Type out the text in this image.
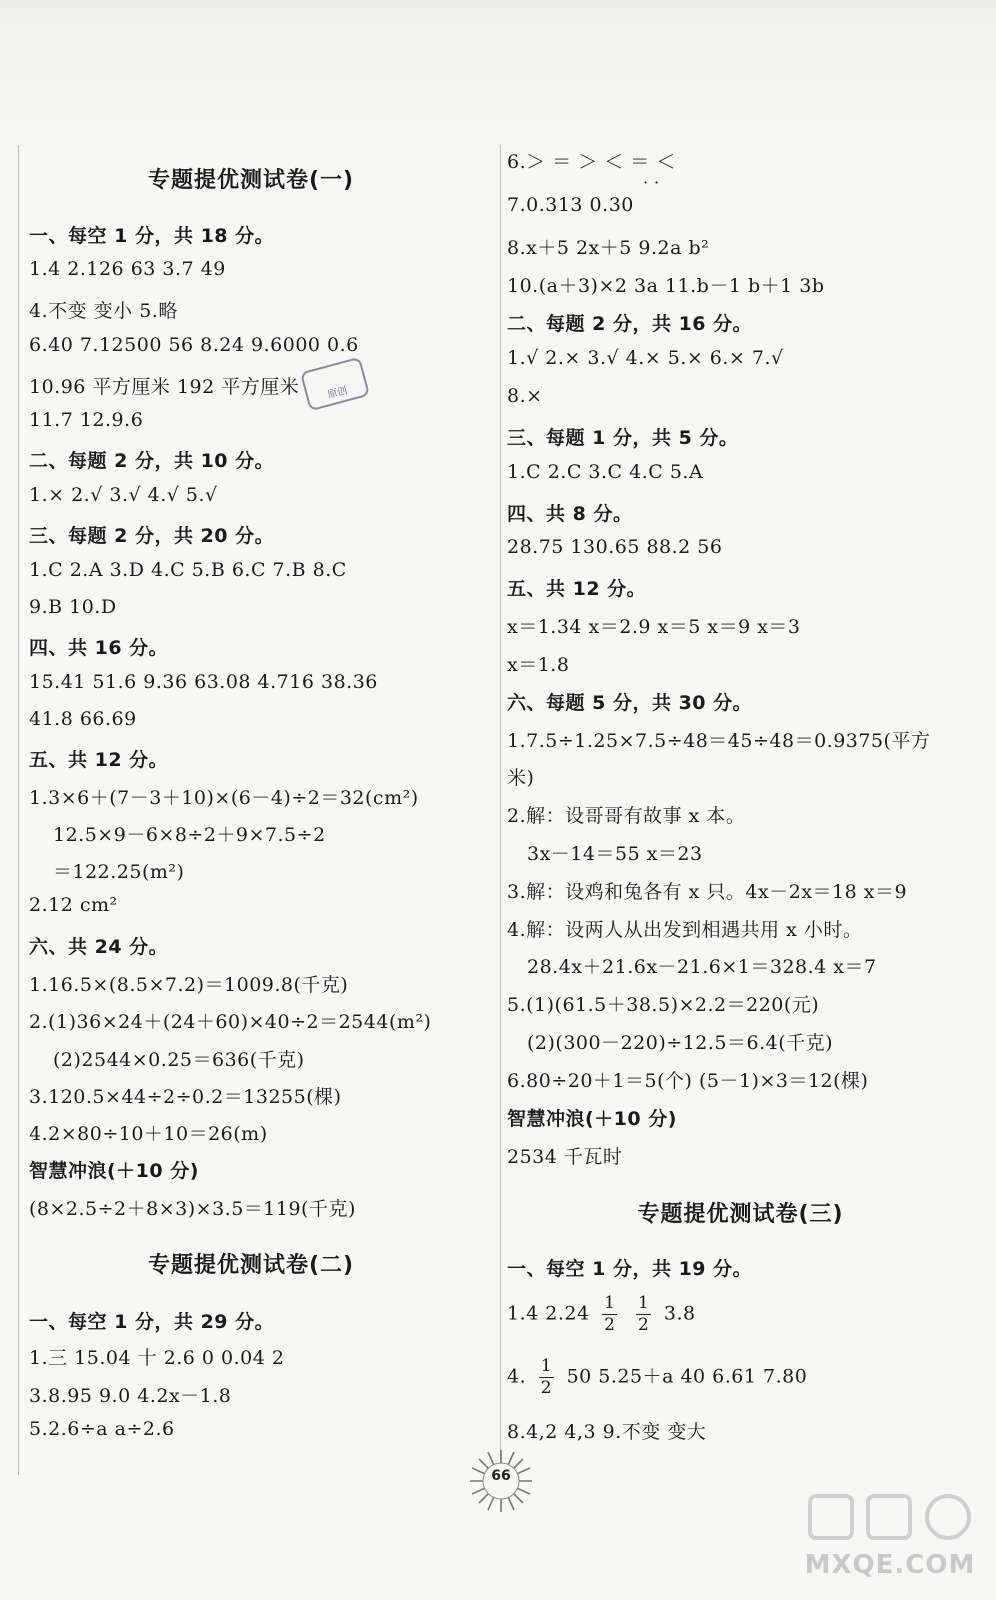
专题提优测试卷(一)
一、每空 1 分，共 18 分。
1.4 2.126 63 3.7 49
4.不变 变小 5.略
6.40 7.12500 56 8.24 9.6000 0.6
10.96 平方厘米 192 平方厘米
11.7 12.9.6
二、每题 2 分，共 10 分。
1.× 2.√ 3.√ 4.√ 5.√
三、每题 2 分，共 20 分。
1.C 2.A 3.D 4.C 5.B 6.C 7.B 8.C
9.B 10.D
四、共 16 分。
15.41 51.6 9.36 63.08 4.716 38.36
41.8 66.69
五、共 12 分。
1.3×6＋(7－3＋10)×(6－4)÷2＝32(cm²)
12.5×9－6×8÷2＋9×7.5÷2
＝122.25(m²)
2.12 cm²
六、共 24 分。
1.16.5×(8.5×7.2)＝1009.8(千克)
2.(1)36×24＋(24＋60)×40÷2＝2544(m²)
(2)2544×0.25＝636(千克)
3.120.5×44÷2÷0.2＝13255(棵)
4.2×80÷10＋10＝26(m)
智慧冲浪(＋10 分)
(8×2.5÷2＋8×3)×3.5＝119(千克)
专题提优测试卷(二)
一、每空 1 分，共 29 分。
1.三 15.04 十 2.6 0 0.04 2
3.8.95 9.0 4.2x－1.8
5.2.6÷a a÷2.6
原创
6.＞ ＝ ＞ ＜ ＝ ＜
· ·
7.0.313 0.30
8.x＋5 2x＋5 9.2a b²
10.(a＋3)×2 3a 11.b－1 b＋1 3b
二、每题 2 分，共 16 分。
1.√ 2.× 3.√ 4.× 5.× 6.× 7.√
8.×
三、每题 1 分，共 5 分。
1.C 2.C 3.C 4.C 5.A
四、共 8 分。
28.75 130.65 88.2 56
五、共 12 分。
x＝1.34 x＝2.9 x＝5 x＝9 x＝3
x＝1.8
六、每题 5 分，共 30 分。
1.7.5÷1.25×7.5÷48＝45÷48＝0.9375(平方
米)
2.解：设哥哥有故事 x 本。
3x－14＝55 x＝23
3.解：设鸡和兔各有 x 只。4x－2x＝18 x＝9
4.解：设两人从出发到相遇共用 x 小时。
28.4x＋21.6x－21.6×1＝328.4 x＝7
5.(1)(61.5＋38.5)×2.2＝220(元)
(2)(300－220)÷12.5＝6.4(千克)
6.80÷20＋1＝5(个) (5－1)×3＝12(棵)
智慧冲浪(＋10 分)
2534 千瓦时
专题提优测试卷(三)
一、每空 1 分，共 19 分。
1.4 $2.24 \frac{1}{2}$
$\frac{1}{2} 3.8$
4. $\frac{1}{2} 50$ 5.25＋a 40 6.61 7.80
8.4,2 4,3 9.不变 变大
66
MXQE.COM
